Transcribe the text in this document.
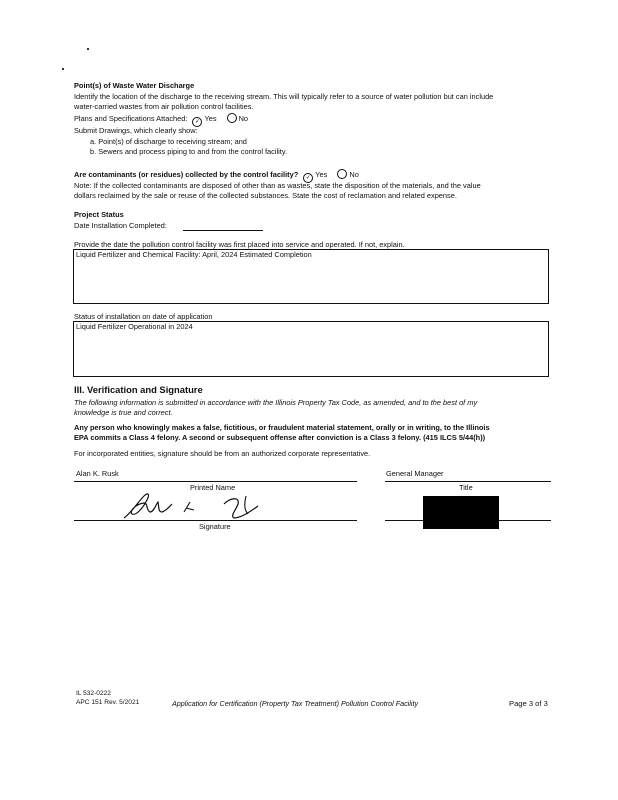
Point(s) of Waste Water Discharge
Identify the location of the discharge to the receiving stream. This will typically refer to a source of water pollution but can include
water-carried wastes from air pollution control facilities.
Plans and Specifications Attached: ✓ Yes	No
Submit Drawings, which clearly show:
a. Point(s) of discharge to receiving stream; and
b. Sewers and process piping to and from the control facility.
Are contaminants (or residues) collected by the control facility? ✓ Yes	No
Note: If the collected contaminants are disposed of other than as wastes, state the disposition of the materials, and the value
dollars reclaimed by the sale or reuse of the collected substances. State the cost of reclamation and related expense.
Project Status
Date Installation Completed:
Provide the date the pollution control facility was first placed into service and operated. If not, explain.
Liquid Fertilizer and Chemical Facility: April, 2024 Estimated Completion
Status of installation on date of application
Liquid Fertilizer Operational in 2024
III. Verification and Signature
The following information is submitted in accordance with the Illinois Property Tax Code, as amended, and to the best of my
knowledge is true and correct.
Any person who knowingly makes a false, fictitious, or fraudulent material statement, orally or in writing, to the Illinois
EPA commits a Class 4 felony. A second or subsequent offense after conviction is a Class 3 felony. (415 ILCS 5/44(h))
For incorporated entities, signature should be from an authorized corporate representative.
Alan K. Rusk
Printed Name
General Manager
Title
Signature
IL 532-0222
APC 151 Rev. 5/2021	Application for Certification (Property Tax Treatment) Pollution Control Facility	Page 3 of 3
